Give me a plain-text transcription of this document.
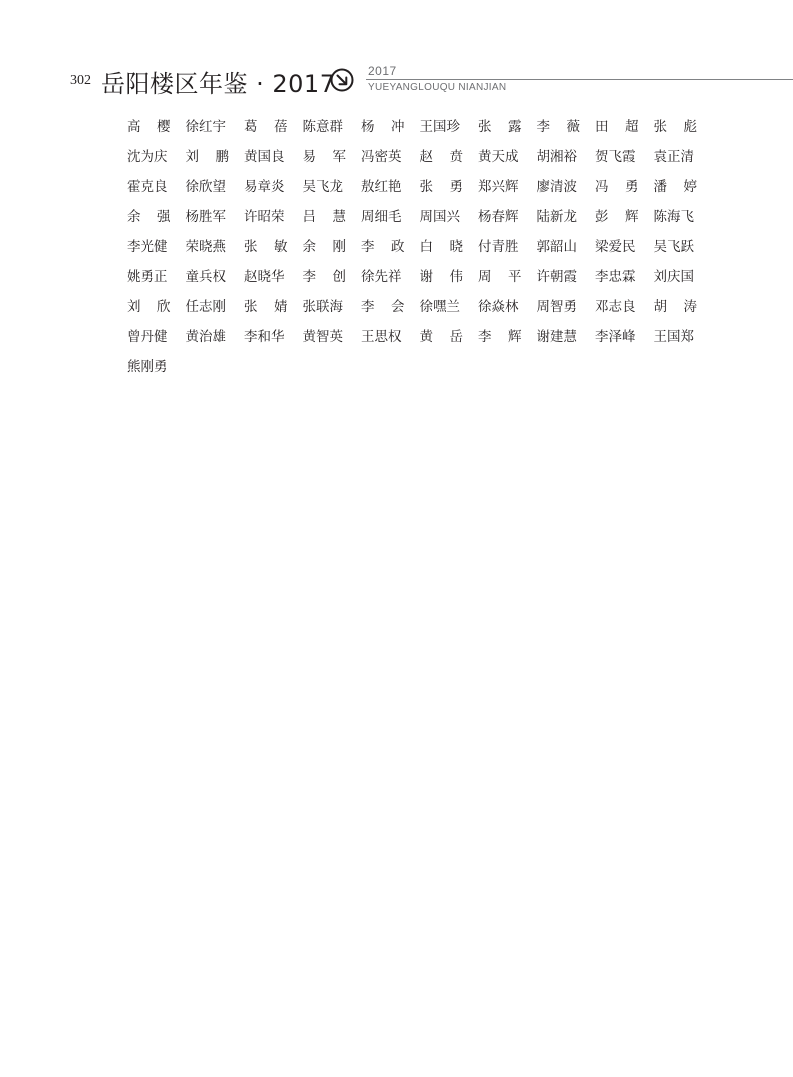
302 岳阳楼区年鉴 · 2017	2017
YUEYANGLOUQU NIANJIAN
高 樱	徐红宇	葛 蓓	陈意群	杨 冲	王国珍	张 露	李 薇	田 超	张 彪
沈为庆	刘 鹏	黄国良	易 军	冯密英	赵 贲	黄天成	胡湘裕	贺飞霞	袁正清
霍克良	徐欣望	易章炎	吴飞龙	敖红艳	张 勇	郑兴辉	廖清波	冯 勇	潘 婷
余 强	杨胜军	许昭荣	吕 慧	周细毛	周国兴	杨春辉	陆新龙	彭 辉	陈海飞
李光健	荣晓燕	张 敏	余 刚	李 政	白 晓	付青胜	郭韶山	梁爱民	吴飞跃
姚勇正	童兵权	赵晓华	李 创	徐先祥	谢 伟	周 平	许朝霞	李忠霖	刘庆国
刘 欣	任志刚	张 婧	张联海	李 会	徐嘿兰	徐焱林	周智勇	邓志良	胡 涛
曾丹健	黄治雄	李和华	黄智英	王思权	黄 岳	李 辉	谢建慧	李泽峰	王国郑
熊刚勇
